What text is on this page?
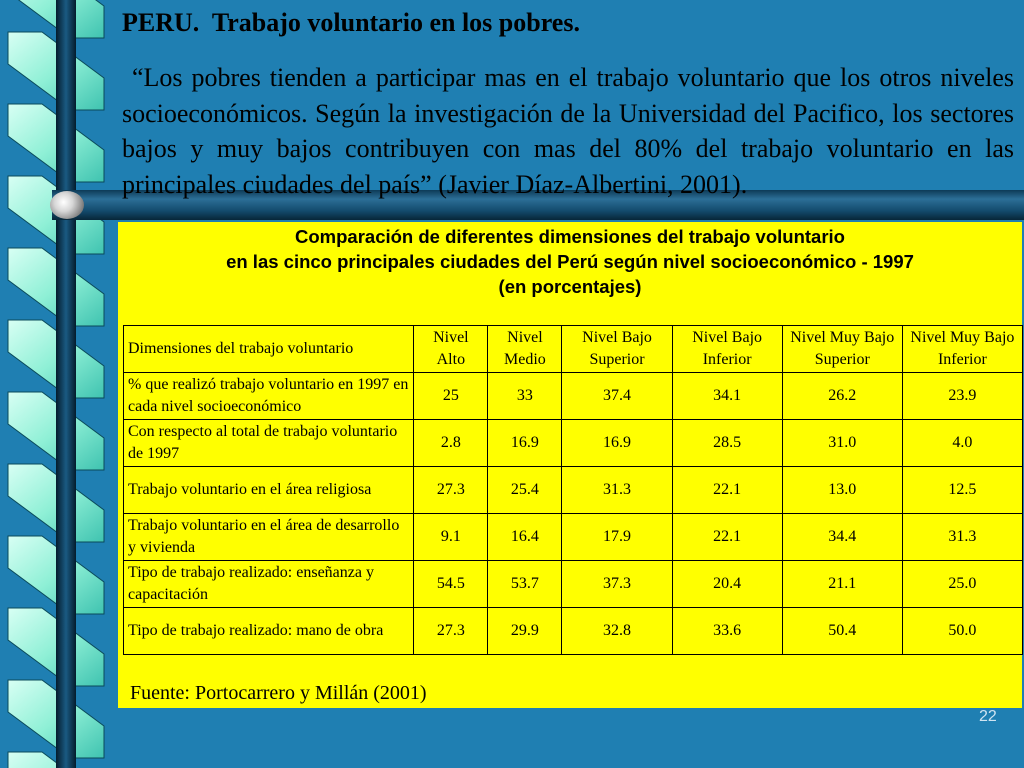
PERU. Trabajo voluntario en los pobres.

“Los pobres tienden a participar mas en el trabajo voluntario que los otros niveles socioeconómicos. Según la investigación de la Universidad del Pacifico, los sectores bajos y muy bajos contribuyen con mas del 80% del trabajo voluntario en las principales ciudades del país” (Javier Díaz-Albertini, 2001).

Comparación de diferentes dimensiones del trabajo voluntario
en las cinco principales ciudades del Perú según nivel socioeconómico - 1997
(en porcentajes)
Dimensiones del trabajo voluntario	Nivel Alto	Nivel Medio	Nivel Bajo Superior	Nivel Bajo Inferior	Nivel Muy Bajo Superior	Nivel Muy Bajo Inferior
% que realizó trabajo voluntario en 1997 en cada nivel socioeconómico	25	33	37.4	34.1	26.2	23.9
Con respecto al total de trabajo voluntario de 1997	2.8	16.9	16.9	28.5	31.0	4.0
Trabajo voluntario en el área religiosa	27.3	25.4	31.3	22.1	13.0	12.5
Trabajo voluntario en el área de desarrollo y vivienda	9.1	16.4	17.9	22.1	34.4	31.3
Tipo de trabajo realizado: enseñanza y capacitación	54.5	53.7	37.3	20.4	21.1	25.0
Tipo de trabajo realizado: mano de obra	27.3	29.9	32.8	33.6	50.4	50.0
Fuente: Portocarrero y Millán (2001)
22
